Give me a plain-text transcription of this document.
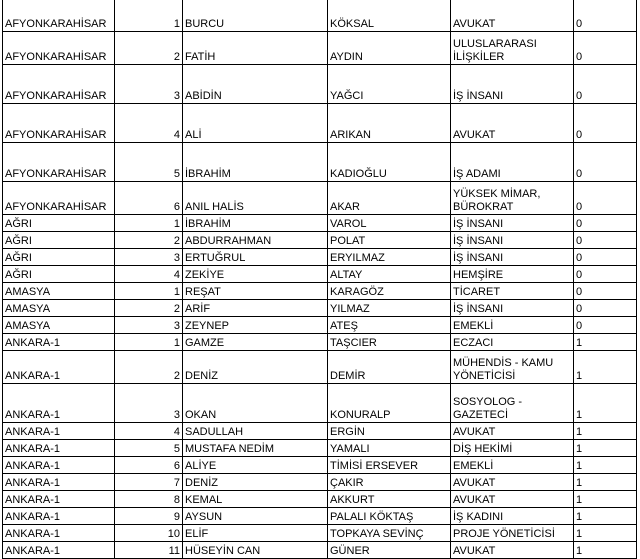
AFYONKARAHİSAR	1	BURCU	KÖKSAL	AVUKAT	0
AFYONKARAHİSAR	2	FATİH	AYDIN	ULUSLARARASI İLİŞKİLER	0
AFYONKARAHİSAR	3	ABİDİN	YAĞCI	İŞ İNSANI	0
AFYONKARAHİSAR	4	ALİ	ARIKAN	AVUKAT	0
AFYONKARAHİSAR	5	İBRAHİM	KADIOĞLU	İŞ ADAMI	0
AFYONKARAHİSAR	6	ANIL HALİS	AKAR	YÜKSEK MİMAR, BÜROKRAT	0
AĞRI	1	İBRAHİM	VAROL	İŞ İNSANI	0
AĞRI	2	ABDURRAHMAN	POLAT	İŞ İNSANI	0
AĞRI	3	ERTUĞRUL	ERYILMAZ	İŞ İNSANI	0
AĞRI	4	ZEKİYE	ALTAY	HEMŞİRE	0
AMASYA	1	REŞAT	KARAGÖZ	TİCARET	0
AMASYA	2	ARİF	YILMAZ	İŞ İNSANI	0
AMASYA	3	ZEYNEP	ATEŞ	EMEKLİ	0
ANKARA-1	1	GAMZE	TAŞCIER	ECZACI	1
ANKARA-1	2	DENİZ	DEMİR	MÜHENDİS - KAMU YÖNETİCİSİ	1
ANKARA-1	3	OKAN	KONURALP	SOSYOLOG - GAZETECİ	1
ANKARA-1	4	SADULLAH	ERGİN	AVUKAT	1
ANKARA-1	5	MUSTAFA NEDİM	YAMALI	DİŞ HEKİMİ	1
ANKARA-1	6	ALİYE	TİMİSİ ERSEVER	EMEKLİ	1
ANKARA-1	7	DENİZ	ÇAKIR	AVUKAT	1
ANKARA-1	8	KEMAL	AKKURT	AVUKAT	1
ANKARA-1	9	AYSUN	PALALI KÖKTAŞ	İŞ KADINI	1
ANKARA-1	10	ELİF	TOPKAYA SEVİNÇ	PROJE YÖNETİCİSİ	1
ANKARA-1	11	HÜSEYİN CAN	GÜNER	AVUKAT	1
